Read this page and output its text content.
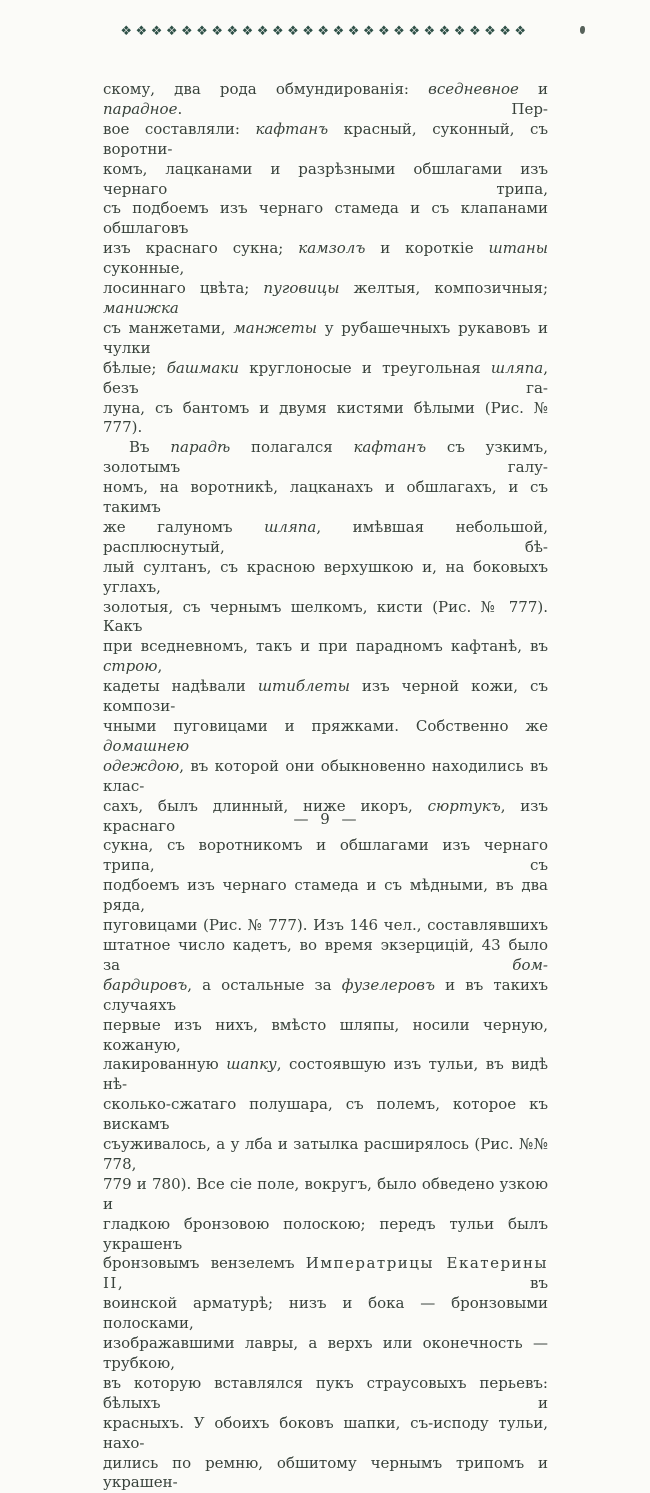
❖❖❖❖❖❖❖❖❖❖❖❖❖❖❖❖❖❖❖❖❖❖❖❖❖❖❖
скому, два рода обмундированія: вседневное и парадное. Пер-
вое составляли: кафтанъ красный, суконный, съ воротни-
комъ, лацканами и разрѣзными обшлагами изъ чернаго трипа,
съ подбоемъ изъ чернаго стамеда и съ клапанами обшлаговъ
изъ краснаго сукна; камзолъ и короткіе штаны суконные,
лосиннаго цвѣта; пуговицы желтыя, композичныя; манижка
съ манжетами, манжеты у рубашечныхъ рукавовъ и чулки
бѣлые; башмаки круглоносые и треугольная шляпа, безъ га-
луна, съ бантомъ и двумя кистями бѣлыми (Рис. № 777).
Въ парадѣ полагался кафтанъ съ узкимъ, золотымъ галу-
номъ, на воротникѣ, лацканахъ и обшлагахъ, и съ такимъ
же галуномъ шляпа, имѣвшая небольшой, расплюснутый, бѣ-
лый султанъ, съ красною верхушкою и, на боковыхъ углахъ,
золотыя, съ чернымъ шелкомъ, кисти (Рис. № 777). Какъ
при вседневномъ, такъ и при парадномъ кафтанѣ, въ строю,
кадеты надѣвали штиблеты изъ черной кожи, съ компози-
чными пуговицами и пряжками. Собственно же домашнею
одеждою, въ которой они обыкновенно находились въ клас-
сахъ, былъ длинный, ниже икоръ, сюртукъ, изъ краснаго
сукна, съ воротникомъ и обшлагами изъ чернаго трипа, съ
подбоемъ изъ чернаго стамеда и съ мѣдными, въ два ряда,
пуговицами (Рис. № 777). Изъ 146 чел., составлявшихъ
штатное число кадетъ, во время экзерцицій, 43 было за бом-
бардировъ, а остальные за фузелеровъ и въ такихъ случаяхъ
первые изъ нихъ, вмѣсто шляпы, носили черную, кожаную,
лакированную шапку, состоявшую изъ тульи, въ видѣ нѣ-
сколько-сжатаго полушара, съ полемъ, которое къ вискамъ
съуживалось, а у лба и затылка расширялось (Рис. №№ 778,
779 и 780). Все сіе поле, вокругъ, было обведено узкою и
гладкою бронзовою полоскою; передъ тульи былъ украшенъ
бронзовымъ вензелемъ Императрицы Екатерины II, въ
воинской арматурѣ; низъ и бока — бронзовыми полосками,
изображавшими лавры, а верхъ или оконечность — трубкою,
въ которую вставлялся пукъ страусовыхъ перьевъ: бѣлыхъ и
красныхъ. У обоихъ боковъ шапки, съ-исподу тульи, нахо-
дились по ремню, обшитому чернымъ трипомъ и украшен-
— 9 —
